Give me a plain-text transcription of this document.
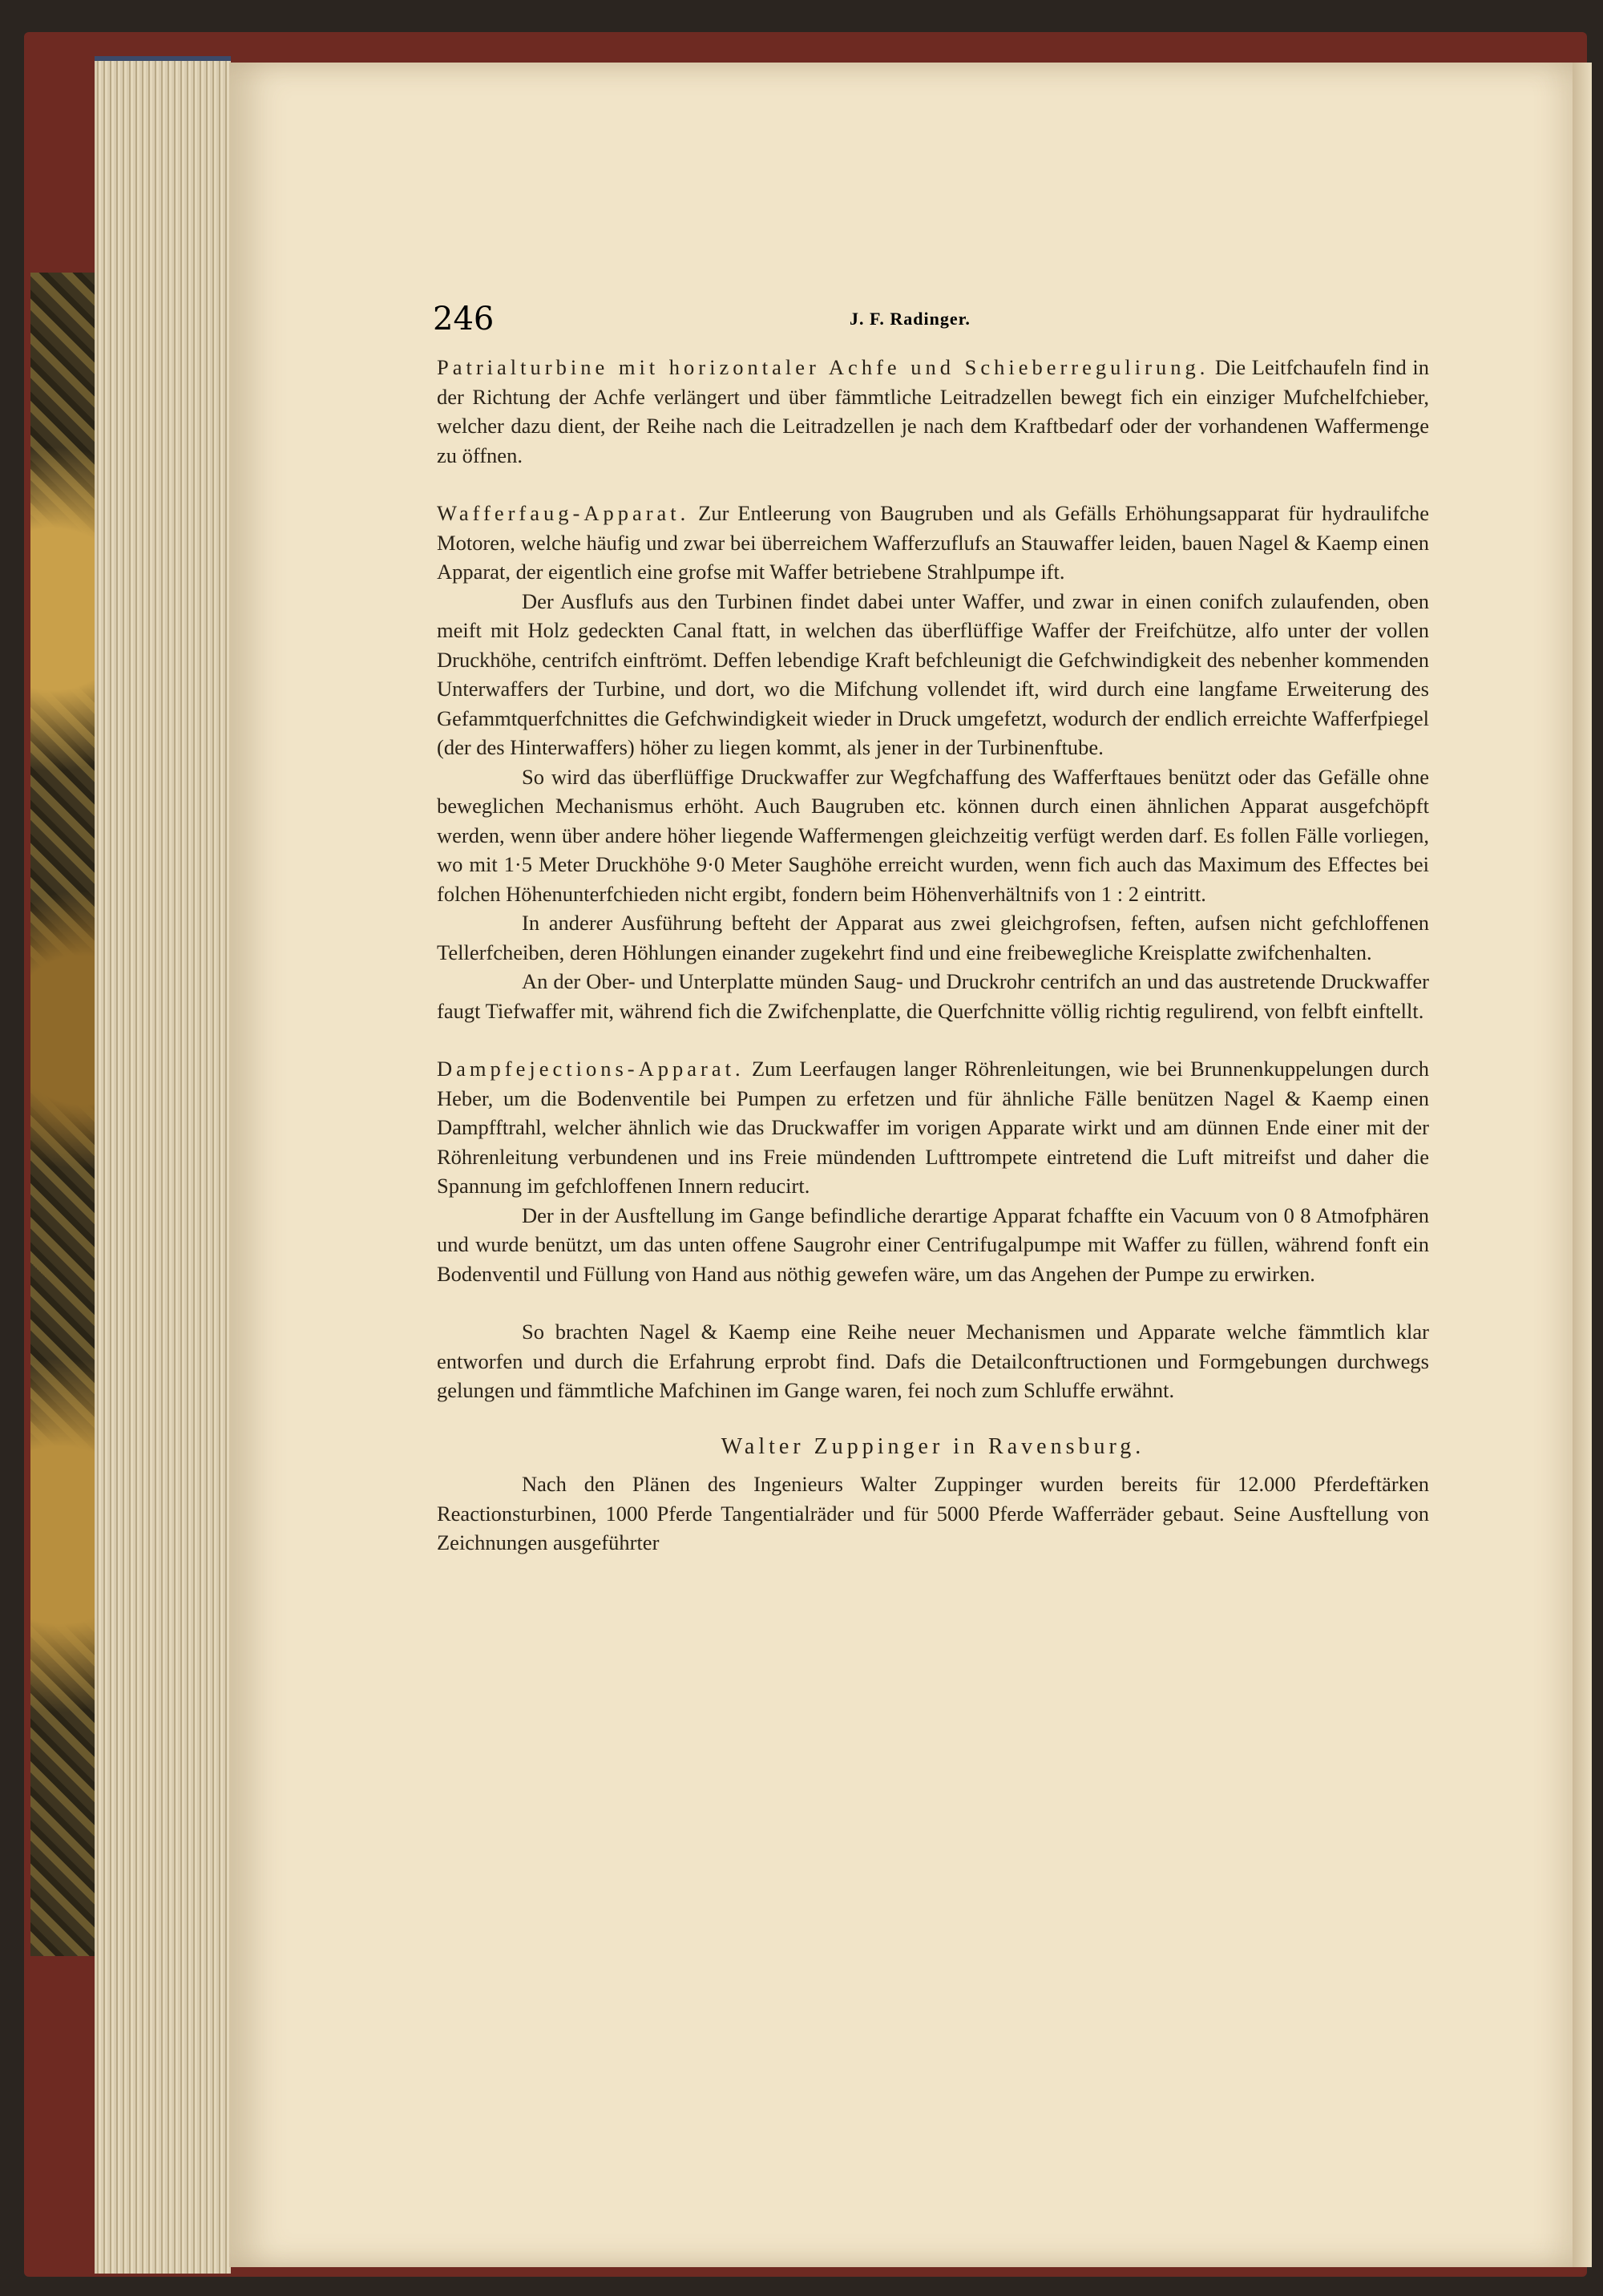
246	J. F. Radinger.

Patrialturbine mit horizontaler Achfe und Schieberregulirung. Die Leitfchaufeln find in der Richtung der Achfe verlängert und über fämmtliche Leitradzellen bewegt fich ein einziger Mufchelfchieber, welcher dazu dient, der Reihe nach die Leitradzellen je nach dem Kraftbedarf oder der vorhandenen Waffermenge zu öffnen.

Wafferfaug-Apparat. Zur Entleerung von Baugruben und als Gefälls Erhöhungsapparat für hydraulifche Motoren, welche häufig und zwar bei überreichem Wafferzuflufs an Stauwaffer leiden, bauen Nagel & Kaemp einen Apparat, der eigentlich eine grofse mit Waffer betriebene Strahlpumpe ift.

Der Ausflufs aus den Turbinen findet dabei unter Waffer, und zwar in einen conifch zulaufenden, oben meift mit Holz gedeckten Canal ftatt, in welchen das überflüffige Waffer der Freifchütze, alfo unter der vollen Druckhöhe, centrifch einftrömt. Deffen lebendige Kraft befchleunigt die Gefchwindigkeit des nebenher kommenden Unterwaffers der Turbine, und dort, wo die Mifchung vollendet ift, wird durch eine langfame Erweiterung des Gefammtquerfchnittes die Gefchwindigkeit wieder in Druck umgefetzt, wodurch der endlich erreichte Wafferfpiegel (der des Hinterwaffers) höher zu liegen kommt, als jener in der Turbinenftube.

So wird das überflüffige Druckwaffer zur Wegfchaffung des Wafferftaues benützt oder das Gefälle ohne beweglichen Mechanismus erhöht. Auch Baugruben etc. können durch einen ähnlichen Apparat ausgefchöpft werden, wenn über andere höher liegende Waffermengen gleichzeitig verfügt werden darf. Es follen Fälle vorliegen, wo mit 1·5 Meter Druckhöhe 9·0 Meter Saughöhe erreicht wurden, wenn fich auch das Maximum des Effectes bei folchen Höhenunterfchieden nicht ergibt, fondern beim Höhenverhältnifs von 1 : 2 eintritt.

In anderer Ausführung befteht der Apparat aus zwei gleichgrofsen, feften, aufsen nicht gefchloffenen Tellerfcheiben, deren Höhlungen einander zugekehrt find und eine freibewegliche Kreisplatte zwifchenhalten.

An der Ober- und Unterplatte münden Saug- und Druckrohr centrifch an und das austretende Druckwaffer faugt Tiefwaffer mit, während fich die Zwifchenplatte, die Querfchnitte völlig richtig regulirend, von felbft einftellt.

Dampfejections-Apparat. Zum Leerfaugen langer Röhrenleitungen, wie bei Brunnenkuppelungen durch Heber, um die Bodenventile bei Pumpen zu erfetzen und für ähnliche Fälle benützen Nagel & Kaemp einen Dampfftrahl, welcher ähnlich wie das Druckwaffer im vorigen Apparate wirkt und am dünnen Ende einer mit der Röhrenleitung verbundenen und ins Freie mündenden Lufttrompete eintretend die Luft mitreifst und daher die Spannung im gefchloffenen Innern reducirt.

Der in der Ausftellung im Gange befindliche derartige Apparat fchaffte ein Vacuum von 0 8 Atmofphären und wurde benützt, um das unten offene Saugrohr einer Centrifugalpumpe mit Waffer zu füllen, während fonft ein Bodenventil und Füllung von Hand aus nöthig gewefen wäre, um das Angehen der Pumpe zu erwirken.

So brachten Nagel & Kaemp eine Reihe neuer Mechanismen und Apparate welche fämmtlich klar entworfen und durch die Erfahrung erprobt find. Dafs die Detailconftructionen und Formgebungen durchwegs gelungen und fämmtliche Mafchinen im Gange waren, fei noch zum Schluffe erwähnt.

Walter Zuppinger in Ravensburg.

Nach den Plänen des Ingenieurs Walter Zuppinger wurden bereits für 12.000 Pferdeftärken Reactionsturbinen, 1000 Pferde Tangentialräder und für 5000 Pferde Wafferräder gebaut. Seine Ausftellung von Zeichnungen ausgeführter
